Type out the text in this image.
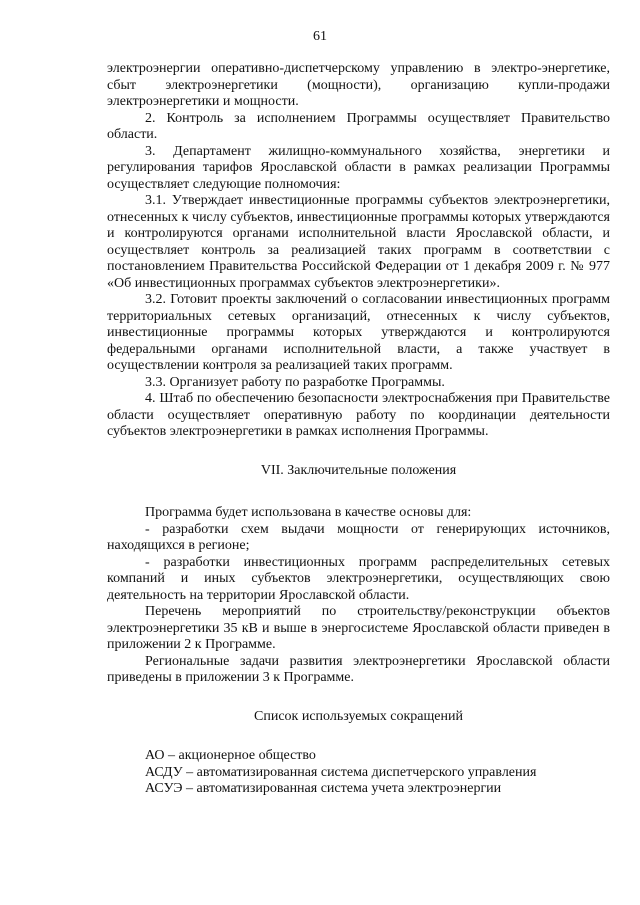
61

электроэнергии оперативно-диспетчерскому управлению в электро-энергетике, сбыт электроэнергетики (мощности), организацию купли-продажи электроэнергетики и мощности.

2. Контроль за исполнением Программы осуществляет Правительство области.

3. Департамент жилищно-коммунального хозяйства, энергетики и регулирования тарифов Ярославской области в рамках реализации Программы осуществляет следующие полномочия:

3.1. Утверждает инвестиционные программы субъектов электроэнергетики, отнесенных к числу субъектов, инвестиционные программы которых утверждаются и контролируются органами исполнительной власти Ярославской области, и осуществляет контроль за реализацией таких программ в соответствии с постановлением Правительства Российской Федерации от 1 декабря 2009 г. № 977 «Об инвестиционных программах субъектов электроэнергетики».

3.2. Готовит проекты заключений о согласовании инвестиционных программ территориальных сетевых организаций, отнесенных к числу субъектов, инвестиционные программы которых утверждаются и контролируются федеральными органами исполнительной власти, а также участвует в осуществлении контроля за реализацией таких программ.

3.3. Организует работу по разработке Программы.

4. Штаб по обеспечению безопасности электроснабжения при Правительстве области осуществляет оперативную работу по координации деятельности субъектов электроэнергетики в рамках исполнения Программы.

VII. Заключительные положения

Программа будет использована в качестве основы для:

- разработки схем выдачи мощности от генерирующих источников, находящихся в регионе;

- разработки инвестиционных программ распределительных сетевых компаний и иных субъектов электроэнергетики, осуществляющих свою деятельность на территории Ярославской области.

Перечень мероприятий по строительству/реконструкции объектов электроэнергетики 35 кВ и выше в энергосистеме Ярославской области приведен в приложении 2 к Программе.

Региональные задачи развития электроэнергетики Ярославской области приведены в приложении 3 к Программе.

Список используемых сокращений

АО – акционерное общество
АСДУ – автоматизированная система диспетчерского управления
АСУЭ – автоматизированная система учета электроэнергии
